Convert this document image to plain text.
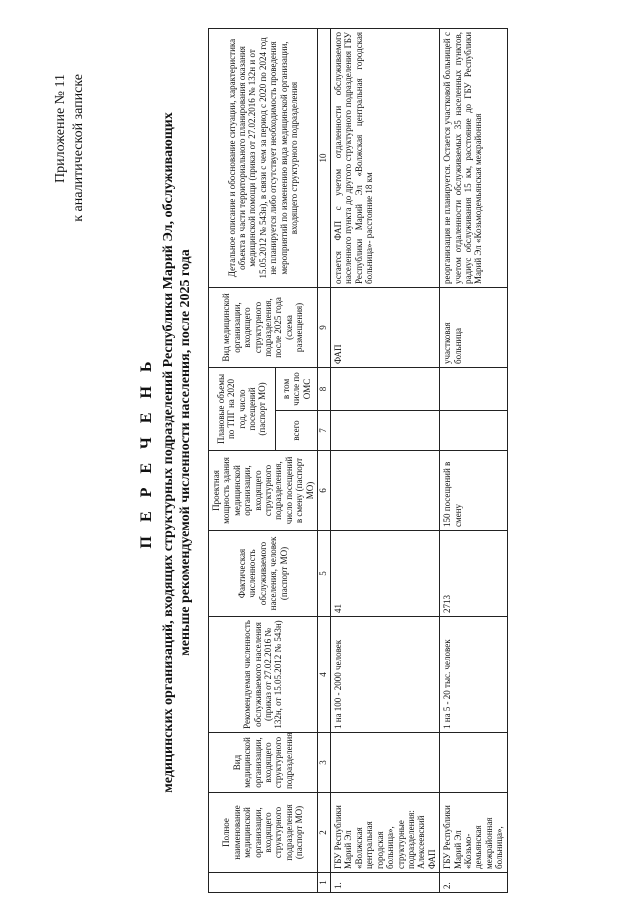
Приложение № 11 к аналитической записке
П Е Р Е Ч Е Н Ь медицинских организаций, входящих структурных подразделений Республики Марий Эл, обслуживающих меньше рекомендуемой численности населения, после 2025 года
	Полное наименование медицинской организации, входящего структурного подразделения (паспорт МО)	Вид медицинской организации, входящего структурного подразделения	Рекомендуемая численность обслуживаемого населения (приказ от 27.02.2016 № 132н, от 15.05.2012 № 543н)	Фактическая численность обслуживаемого населения, человек (паспорт МО)	Проектная мощность здания медицинской организации, входящего структурного подразделения, число посещений в смену (паспорт МО)	Плановые объемы по ТПГ на 2020 год, число посещений (паспорт МО)		Вид медицинской организации, входящего структурного подразделения, после 2025 года (схема размещения)	Детальное описание и обоснование ситуации, характеристика объекта в части территориального планирования оказания медицинской помощи (приказ от 27.02.2016 № 132н и от 15.05.2012 № 543н), в связи с чем за период с 2020 по 2024 год не планируется либо отсутствует необходимость проведения мероприятий по изменению вида медицинской организации, входящего структурного подразделения
						всего	в том числе по ОМС		
1	2	3	4	5	6	7	8	9	10
1.	ГБУ Республики Марий Эл «Волжская центральная городская больница», структурные подразделения: Алексеевский ФАП		1 на 100 - 2000 человек	41				ФАП	остается ФАП с учетом отдаленности обслуживаемого населенного пункта до другого структурного подразделения ГБУ Республики Марий Эл «Волжская центральная городская больница»- расстояние 18 км
2.	ГБУ Республики Марий Эл «Козьмо- демьянская межрайонная больница»,		1 на 5 - 20 тыс. человек	2713	150 посещений в смену			участковая больница	реорганизация не планируется. Остается участковой больницей с учетом отдаленности обслуживаемых 35 населенных пунктов, радиус обслуживания 15 км, расстояние до ГБУ Республики Марий Эл «Козьмодемьянская межрайонная
